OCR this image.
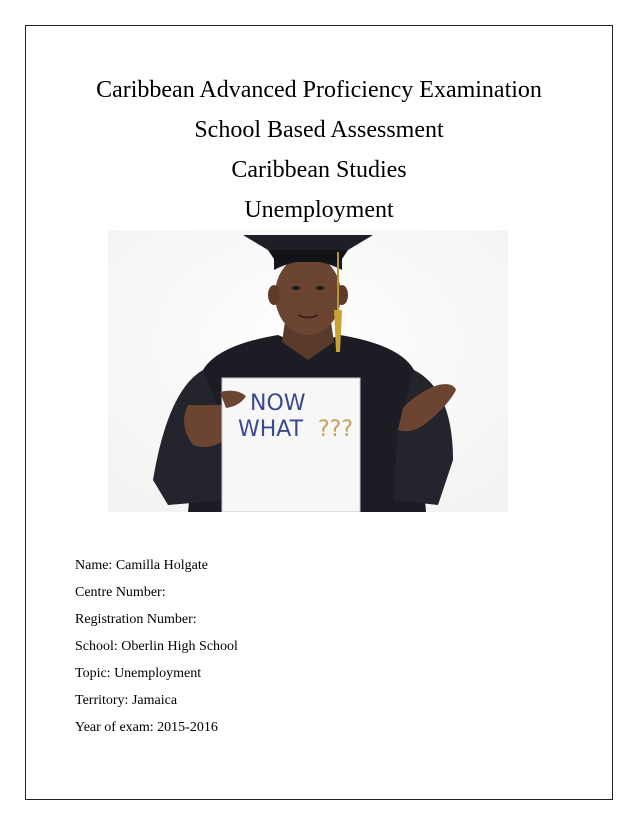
Caribbean Advanced Proficiency Examination

School Based Assessment

Caribbean Studies

Unemployment

NOW
WHAT ???
Name: Camilla Holgate
Centre Number:
Registration Number:
School: Oberlin High School
Topic: Unemployment
Territory: Jamaica
Year of exam: 2015-2016
